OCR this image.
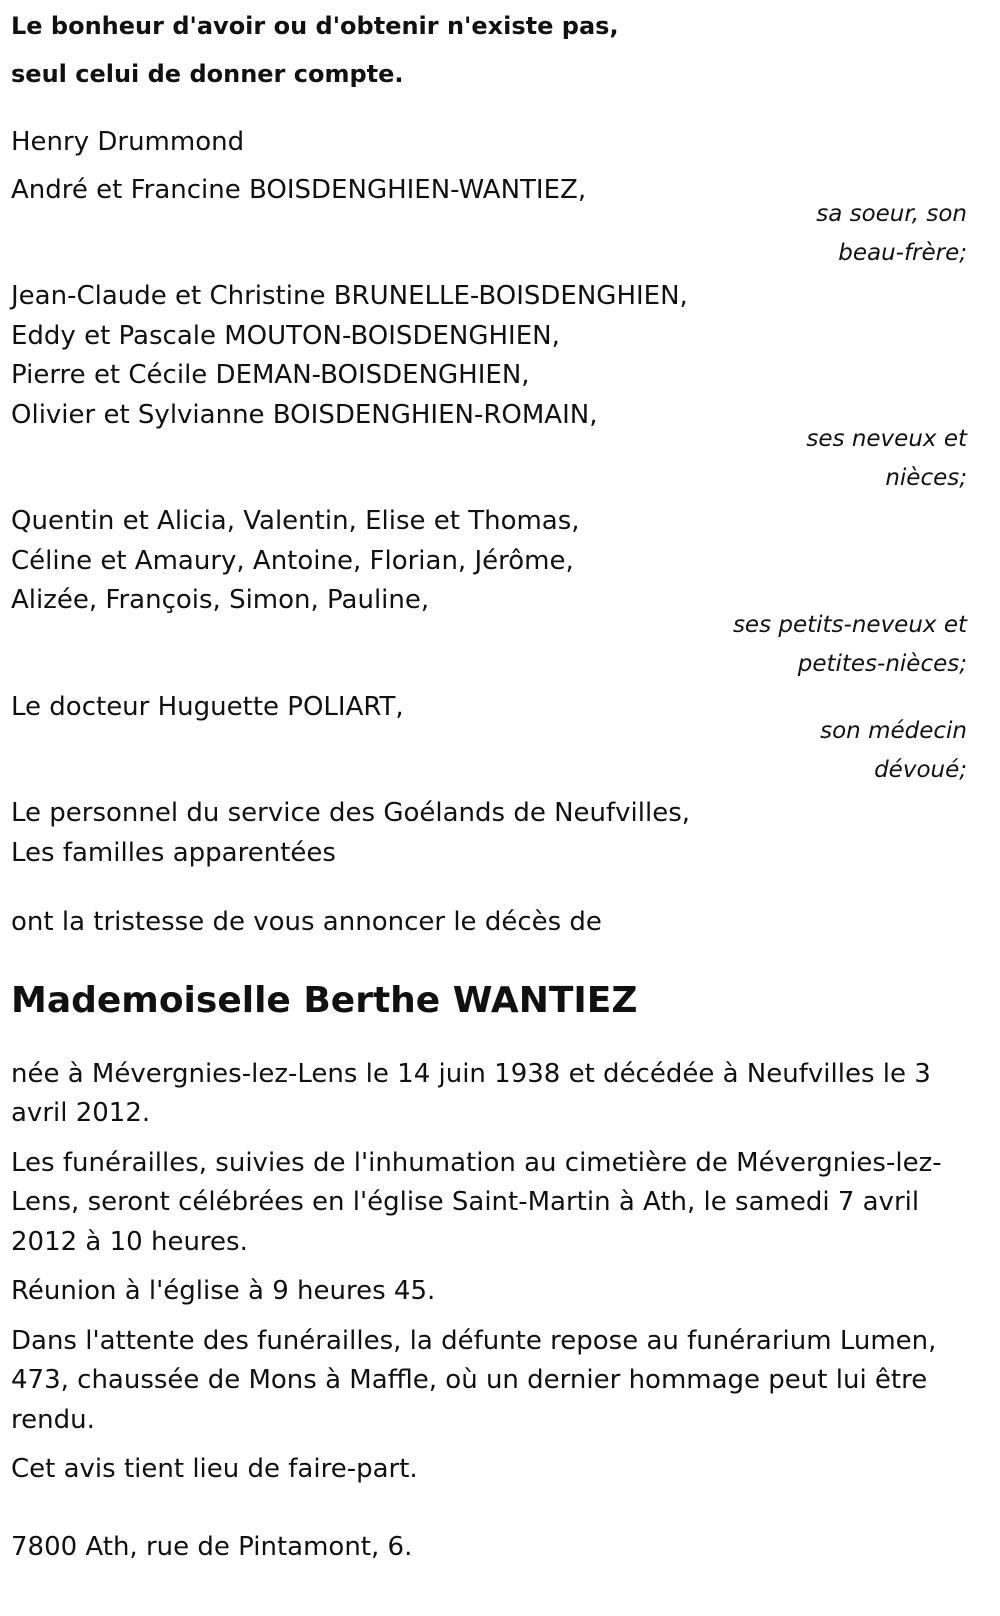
Le bonheur d'avoir ou d'obtenir n'existe pas,
seul celui de donner compte.
Henry Drummond
André et Francine BOISDENGHIEN-WANTIEZ,
sa soeur, son
beau-frère;
Jean-Claude et Christine BRUNELLE-BOISDENGHIEN,
Eddy et Pascale MOUTON-BOISDENGHIEN,
Pierre et Cécile DEMAN-BOISDENGHIEN,
Olivier et Sylvianne BOISDENGHIEN-ROMAIN,
ses neveux et
nièces;
Quentin et Alicia, Valentin, Elise et Thomas,
Céline et Amaury, Antoine, Florian, Jérôme,
Alizée, François, Simon, Pauline,
ses petits-neveux et
petites-nièces;
Le docteur Huguette POLIART,
son médecin
dévoué;
Le personnel du service des Goélands de Neufvilles,
Les familles apparentées
ont la tristesse de vous annoncer le décès de
Mademoiselle Berthe WANTIEZ

née à Mévergnies-lez-Lens le 14 juin 1938 et décédée à Neufvilles le 3 avril 2012.

Les funérailles, suivies de l'inhumation au cimetière de Mévergnies-lez-Lens, seront célébrées en l'église Saint-Martin à Ath, le samedi 7 avril 2012 à 10 heures.

Réunion à l'église à 9 heures 45.

Dans l'attente des funérailles, la défunte repose au funérarium Lumen, 473, chaussée de Mons à Maffle, où un dernier hommage peut lui être rendu.

Cet avis tient lieu de faire-part.

7800 Ath, rue de Pintamont, 6.
